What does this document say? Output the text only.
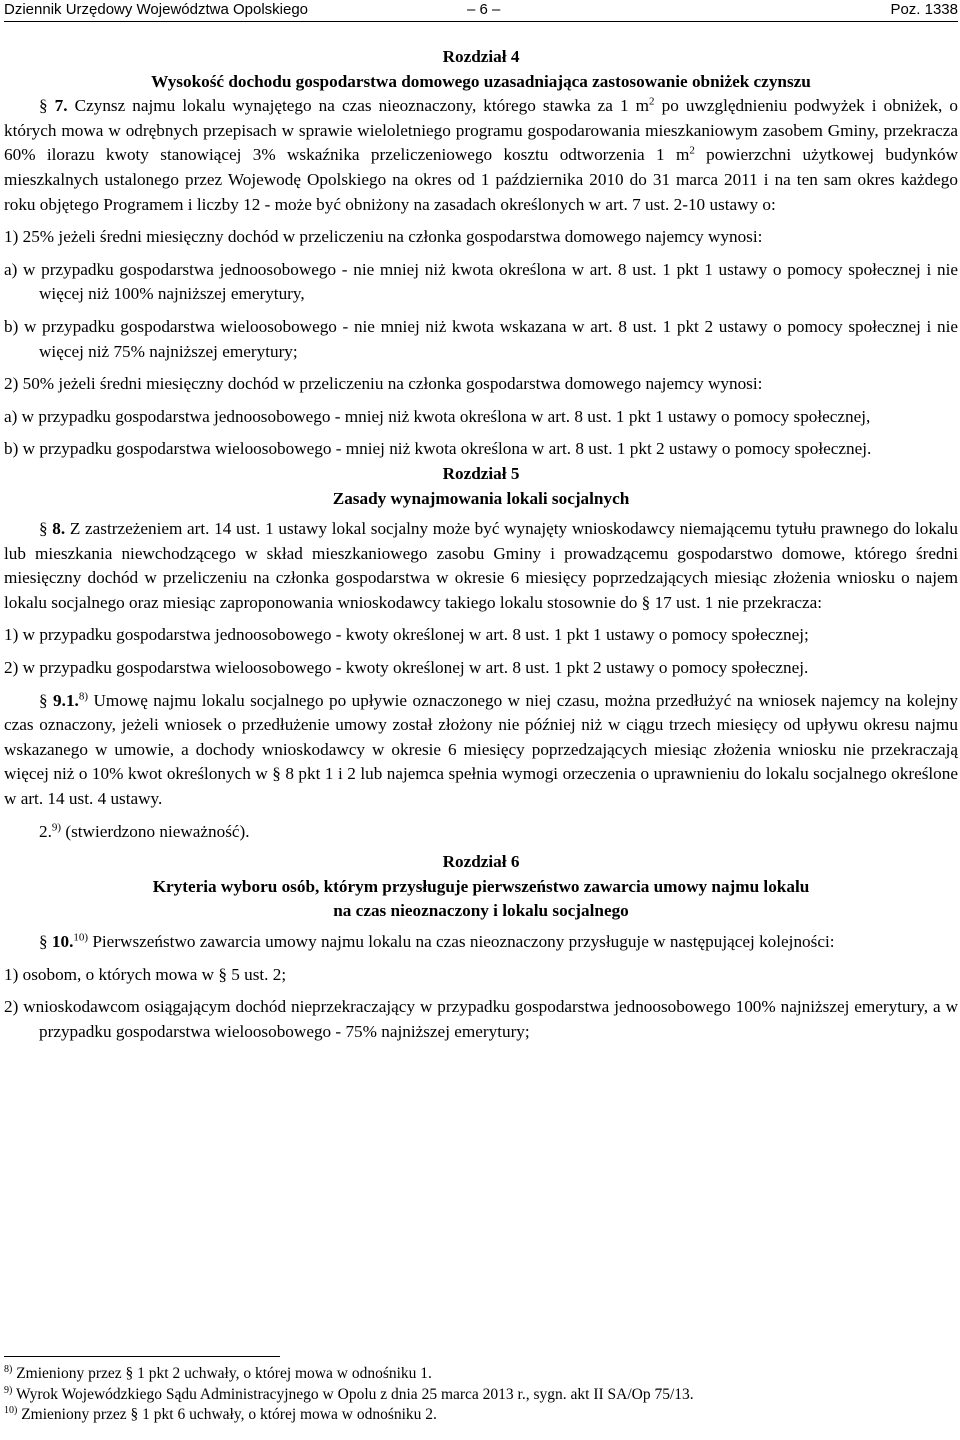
Dziennik Urzędowy Województwa Opolskiego	– 6 –	Poz. 1338

Rozdział 4

Wysokość dochodu gospodarstwa domowego uzasadniająca zastosowanie obniżek czynszu

§ 7. Czynsz najmu lokalu wynajętego na czas nieoznaczony, którego stawka za 1 $m^2$ po uwzględnieniu podwyżek i obniżek, o których mowa w odrębnych przepisach w sprawie wieloletniego programu gospodarowania mieszkaniowym zasobem Gminy, przekracza 60% ilorazu kwoty stanowiącej 3% wskaźnika przeliczeniowego kosztu odtworzenia 1 $m^2$ powierzchni użytkowej budynków mieszkalnych ustalonego przez Wojewodę Opolskiego na okres od 1 października 2010 do 31 marca 2011 i na ten sam okres każdego roku objętego Programem i liczby 12 - może być obniżony na zasadach określonych w art. 7 ust. 2-10 ustawy o:

1) 25% jeżeli średni miesięczny dochód w przeliczeniu na członka gospodarstwa domowego najemcy wynosi:

a) w przypadku gospodarstwa jednoosobowego - nie mniej niż kwota określona w art. 8 ust. 1 pkt 1 ustawy o pomocy społecznej i nie więcej niż 100% najniższej emerytury,

b) w przypadku gospodarstwa wieloosobowego - nie mniej niż kwota wskazana w art. 8 ust. 1 pkt 2 ustawy o pomocy społecznej i nie więcej niż 75% najniższej emerytury;

2) 50% jeżeli średni miesięczny dochód w przeliczeniu na członka gospodarstwa domowego najemcy wynosi:

a) w przypadku gospodarstwa jednoosobowego - mniej niż kwota określona w art. 8 ust. 1 pkt 1 ustawy o pomocy społecznej,

b) w przypadku gospodarstwa wieloosobowego - mniej niż kwota określona w art. 8 ust. 1 pkt 2 ustawy o pomocy społecznej.

Rozdział 5

Zasady wynajmowania lokali socjalnych

§ 8. Z zastrzeżeniem art. 14 ust. 1 ustawy lokal socjalny może być wynajęty wnioskodawcy niemającemu tytułu prawnego do lokalu lub mieszkania niewchodzącego w skład mieszkaniowego zasobu Gminy i prowadzącemu gospodarstwo domowe, którego średni miesięczny dochód w przeliczeniu na członka gospodarstwa w okresie 6 miesięcy poprzedzających miesiąc złożenia wniosku o najem lokalu socjalnego oraz miesiąc zaproponowania wnioskodawcy takiego lokalu stosownie do § 17 ust. 1 nie przekracza:

1) w przypadku gospodarstwa jednoosobowego - kwoty określonej w art. 8 ust. 1 pkt 1 ustawy o pomocy społecznej;

2) w przypadku gospodarstwa wieloosobowego - kwoty określonej w art. 8 ust. 1 pkt 2 ustawy o pomocy społecznej.

§ 9.1.$^{8)}$ Umowę najmu lokalu socjalnego po upływie oznaczonego w niej czasu, można przedłużyć na wniosek najemcy na kolejny czas oznaczony, jeżeli wniosek o przedłużenie umowy został złożony nie później niż w ciągu trzech miesięcy od upływu okresu najmu wskazanego w umowie, a dochody wnioskodawcy w okresie 6 miesięcy poprzedzających miesiąc złożenia wniosku nie przekraczają więcej niż o 10% kwot określonych w § 8 pkt 1 i 2 lub najemca spełnia wymogi orzeczenia o uprawnieniu do lokalu socjalnego określone w art. 14 ust. 4 ustawy.

2.$^{9)}$ (stwierdzono nieważność).

Rozdział 6

Kryteria wyboru osób, którym przysługuje pierwszeństwo zawarcia umowy najmu lokalu

na czas nieoznaczony i lokalu socjalnego

§ 10.$^{10)}$ Pierwszeństwo zawarcia umowy najmu lokalu na czas nieoznaczony przysługuje w następującej kolejności:

1) osobom, o których mowa w § 5 ust. 2;

2) wnioskodawcom osiągającym dochód nieprzekraczający w przypadku gospodarstwa jednoosobowego 100% najniższej emerytury, a w przypadku gospodarstwa wieloosobowego - 75% najniższej emerytury;

$^{8)}$ Zmieniony przez § 1 pkt 2 uchwały, o której mowa w odnośniku 1.

$^{9)}$ Wyrok Wojewódzkiego Sądu Administracyjnego w Opolu z dnia 25 marca 2013 r., sygn. akt II SA/Op 75/13.

$^{10)}$ Zmieniony przez § 1 pkt 6 uchwały, o której mowa w odnośniku 2.
